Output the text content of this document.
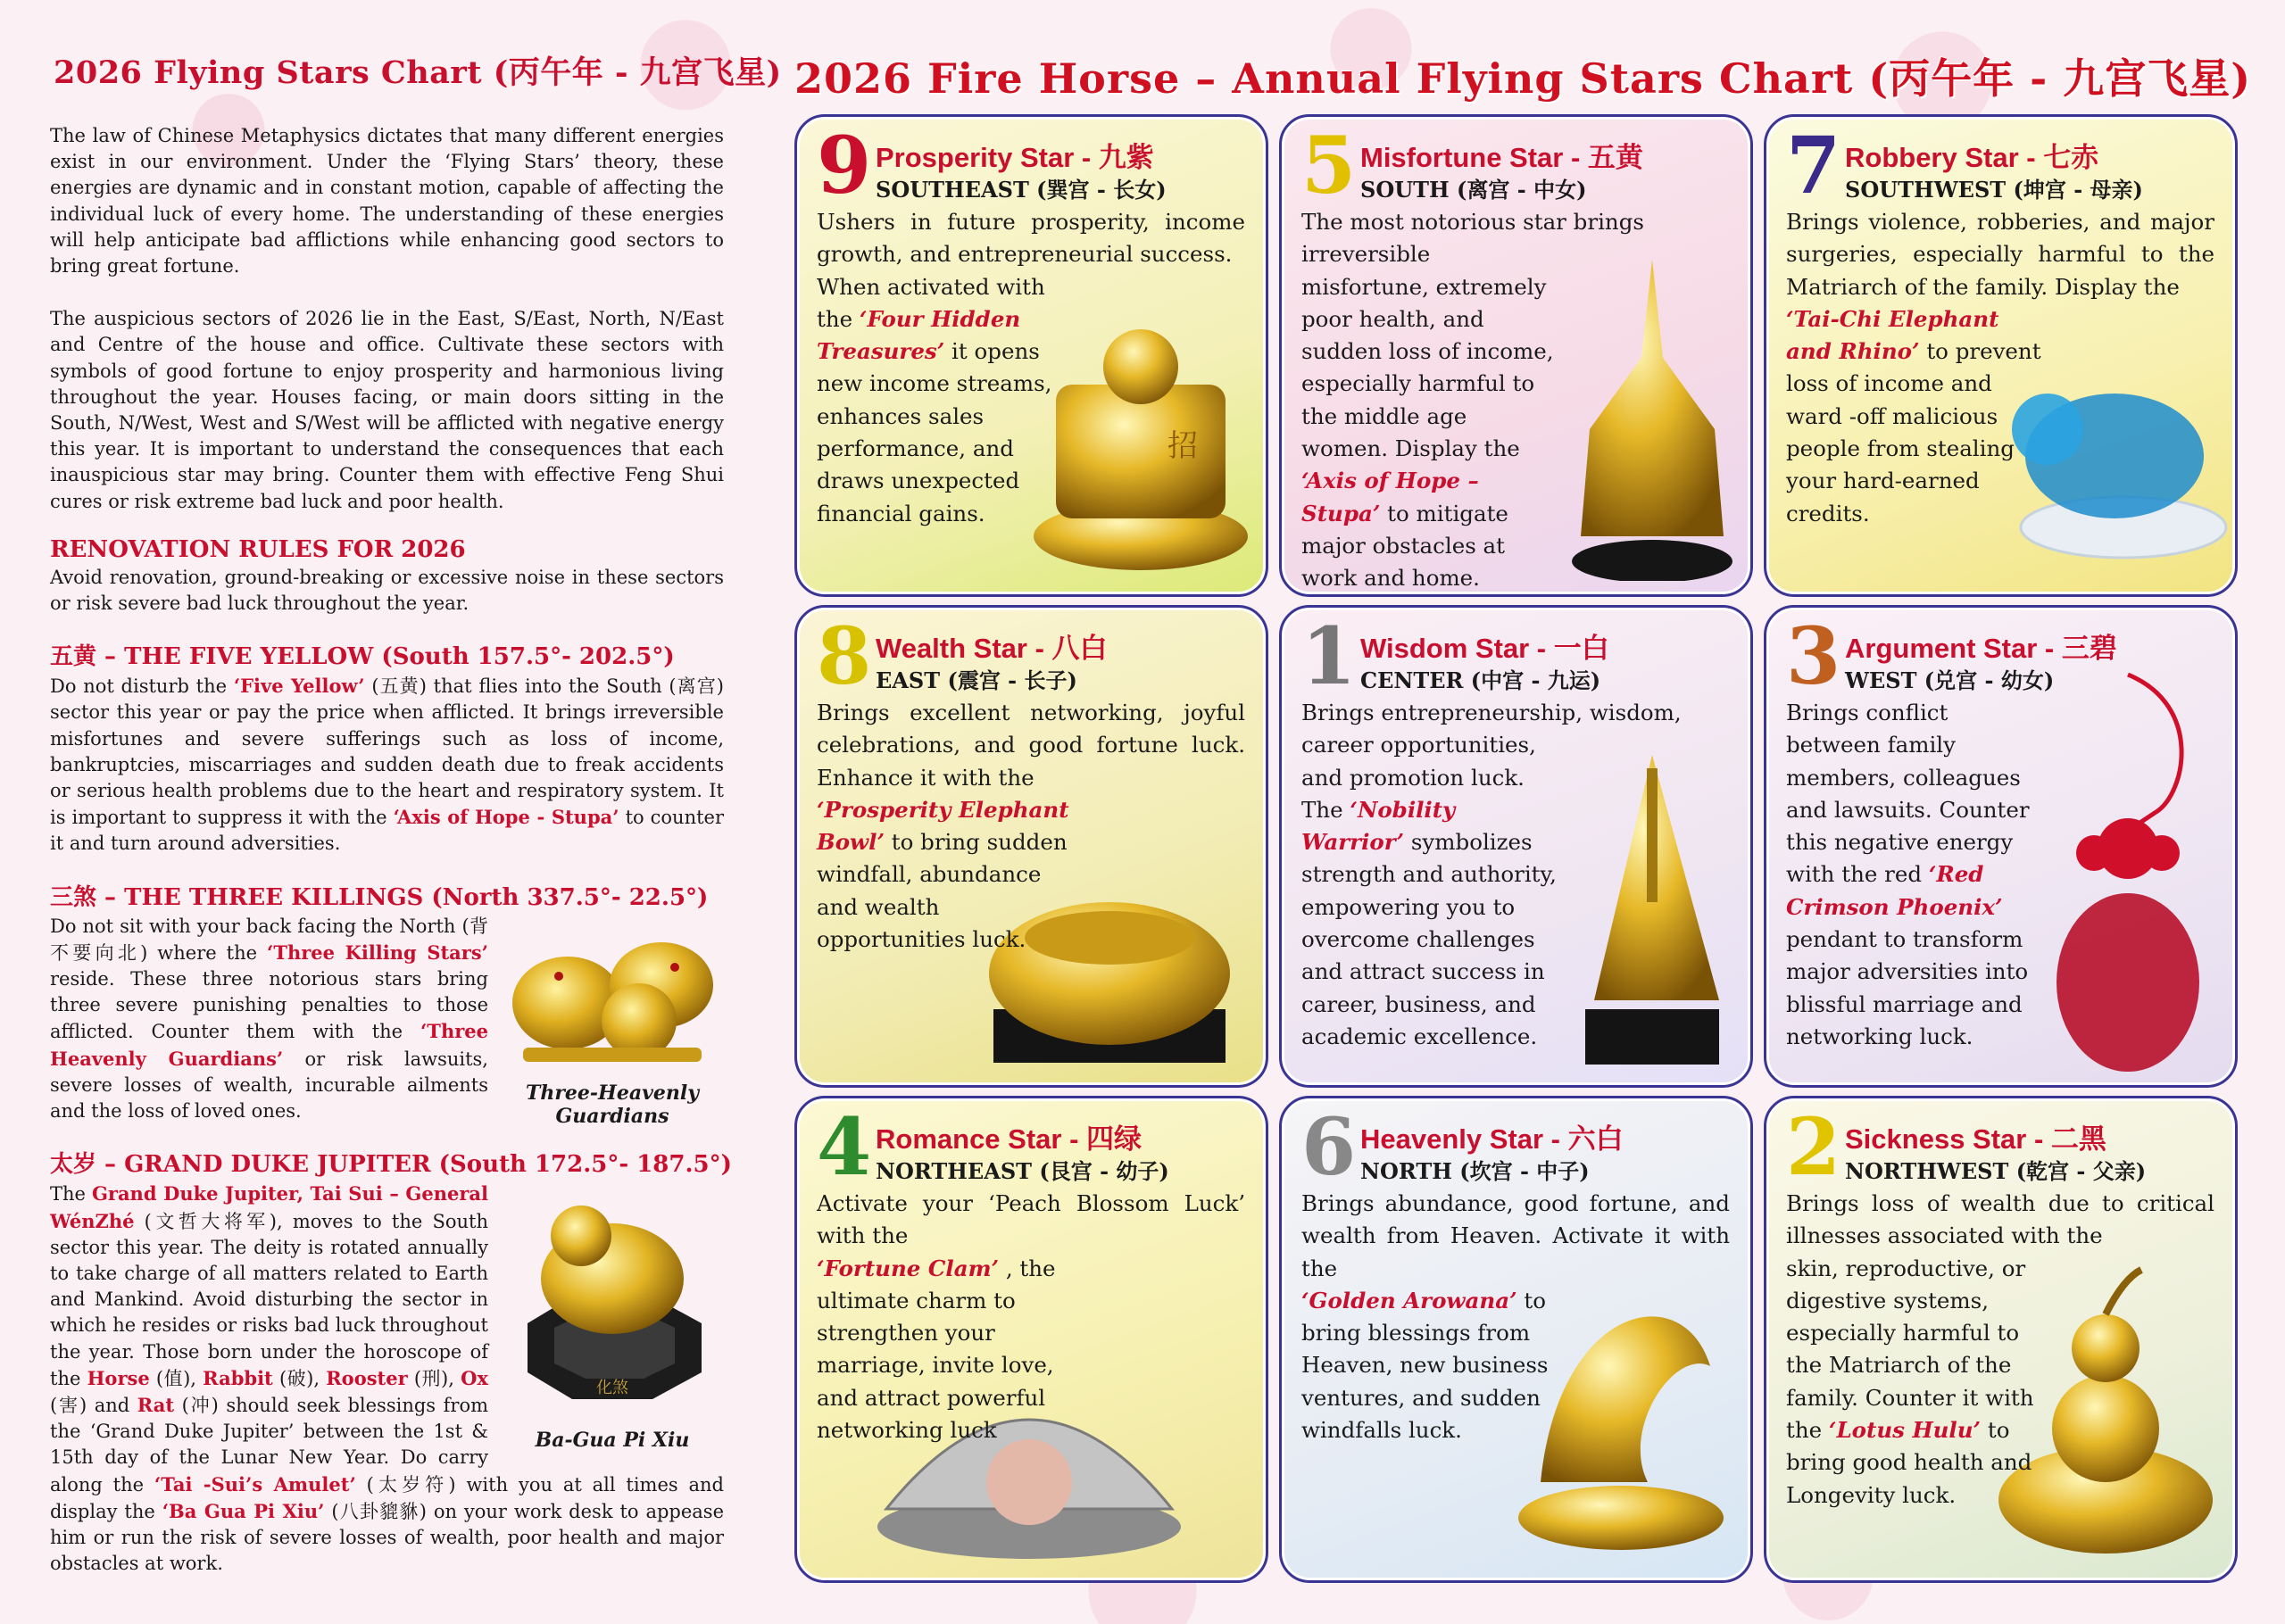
2026 Flying Stars Chart (丙午年 - 九宫飞星)

The law of Chinese Metaphysics dictates that many different energies exist in our environment. Under the ‘Flying Stars’ theory, these energies are dynamic and in constant motion, capable of affecting the individual luck of every home. The understanding of these energies will help anticipate bad afflictions while enhancing good sectors to bring great fortune.

The auspicious sectors of 2026 lie in the East, S/East, North, N/East and Centre of the house and office. Cultivate these sectors with symbols of good fortune to enjoy prosperity and harmonious living throughout the year. Houses facing, or main doors sitting in the South, N/West, West and S/West will be afflicted with negative energy this year. It is important to understand the consequences that each inauspicious star may bring. Counter them with effective Feng Shui cures or risk extreme bad luck and poor health.

RENOVATION RULES FOR 2026

Avoid renovation, ground-breaking or excessive noise in these sectors or risk severe bad luck throughout the year.

五黄 – THE FIVE YELLOW (South 157.5°- 202.5°)

Do not disturb the ‘Five Yellow’ (五黄) that flies into the South (离宫) sector this year or pay the price when afflicted. It brings irreversible misfortunes and severe sufferings such as loss of income, bankruptcies, miscarriages and sudden death due to freak accidents or serious health problems due to the heart and respiratory system. It is important to suppress it with the ‘Axis of Hope - Stupa’ to counter it and turn around adversities.

三煞 – THE THREE KILLINGS (North 337.5°- 22.5°)
Three-Heavenly Guardians

Do not sit with your back facing the North (背不要向北) where the ‘Three Killing Stars’ reside. These three notorious stars bring three severe punishing penalties to those afflicted. Counter them with the ‘Three Heavenly Guardians’ or risk lawsuits, severe losses of wealth, incurable ailments and the loss of loved ones.

太岁 – GRAND DUKE JUPITER (South 172.5°- 187.5°)
化煞
Ba-Gua Pi Xiu

The Grand Duke Jupiter, Tai Sui – General WénZhé (文哲大将军), moves to the South sector this year. The deity is rotated annually to take charge of all matters related to Earth and Mankind. Avoid disturbing the sector in which he resides or risks bad luck throughout the year. Those born under the horoscope of the Horse (值), Rabbit (破), Rooster (刑), Ox (害) and Rat (冲) should seek blessings from the ‘Grand Duke Jupiter’ between the 1st & 15th day of the Lunar New Year. Do carry along the ‘Tai -Sui’s Amulet’ (太岁符) with you at all times and display the ‘Ba Gua Pi Xiu’ (八卦貔貅) on your work desk to appease him or run the risk of severe losses of wealth, poor health and major obstacles at work.

2026 Fire Horse – Annual Flying Stars Chart (丙午年 - 九宫飞星)
招
9 Prosperity Star - 九紫
SOUTHEAST (巽宫 - 长女)
Ushers in future prosperity, income growth, and entrepreneurial success.
When activated with the ‘Four Hidden Treasures’ it opens new income streams, enhances sales performance, and draws unexpected financial gains.
5 Misfortune Star - 五黄
SOUTH (离宫 - 中女)
The most notorious star brings
irreversible misfortune, extremely poor health, and sudden loss of income, especially harmful to the middle age women. Display the ‘Axis of Hope – Stupa’ to mitigate major obstacles at work and home.
7 Robbery Star - 七赤
SOUTHWEST (坤宫 - 母亲)
Brings violence, robberies, and major surgeries, especially harmful to the Matriarch of the family. Display the
‘Tai-Chi Elephant and Rhino’ to prevent loss of income and ward -off malicious people from stealing your hard-earned credits.
8 Wealth Star - 八白
EAST (震宫 - 长子)
Brings excellent networking, joyful celebrations, and good fortune luck. Enhance it with the
‘Prosperity Elephant Bowl’ to bring sudden windfall, abundance and wealth opportunities luck.
1 Wisdom Star - 一白
CENTER (中宫 - 九运)
Brings entrepreneurship, wisdom,
career opportunities, and promotion luck. The ‘Nobility Warrior’ symbolizes strength and authority, empowering you to overcome challenges and attract success in career, business, and academic excellence.
3 Argument Star - 三碧
WEST (兑宫 - 幼女)
Brings conflict between family members, colleagues and lawsuits. Counter this negative energy with the red ‘Red Crimson Phoenix’ pendant to transform major adversities into blissful marriage and networking luck.
4 Romance Star - 四绿
NORTHEAST (艮宫 - 幼子)
Activate your ‘Peach Blossom Luck’ with the
‘Fortune Clam’ , the ultimate charm to strengthen your marriage, invite love, and attract powerful networking luck
6 Heavenly Star - 六白
NORTH (坎宫 - 中子)
Brings abundance, good fortune, and wealth from Heaven. Activate it with the
‘Golden Arowana’ to bring blessings from Heaven, new business ventures, and sudden windfalls luck.
2 Sickness Star - 二黑
NORTHWEST (乾宫 - 父亲)
Brings loss of wealth due to critical illnesses associated with the
skin, reproductive, or digestive systems, especially harmful to the Matriarch of the family. Counter it with the ‘Lotus Hulu’ to bring good health and Longevity luck.
